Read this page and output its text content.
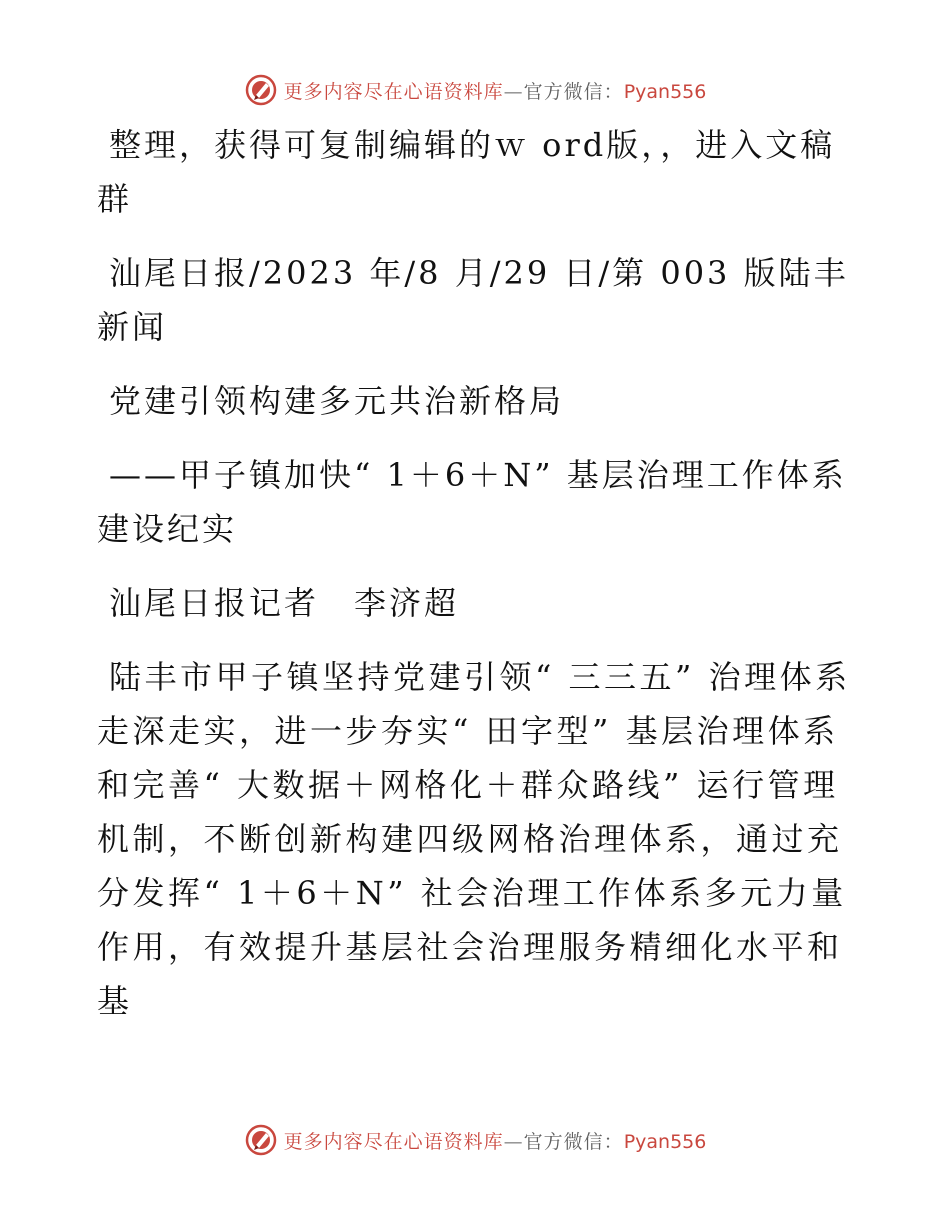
更多内容尽在心语资料库—官方微信：Pyan556

整理，获得可复制编辑的ｗ ord版，，进入文稿群

汕尾日报/2023 年/8 月/29 日/第 003 版陆丰新闻

党建引领构建多元共治新格局

——甲子镇加快“ 1＋6＋N” 基层治理工作体系建设纪实

汕尾日报记者　李济超

陆丰市甲子镇坚持党建引领“ 三三五” 治理体系走深走实，进一步夯实“ 田字型” 基层治理体系和完善“ 大数据＋网格化＋群众路线” 运行管理机制，不断创新构建四级网格治理体系，通过充分发挥“ 1＋6＋N” 社会治理工作体系多元力量作用，有效提升基层社会治理服务精细化水平和基

更多内容尽在心语资料库—官方微信：Pyan556
